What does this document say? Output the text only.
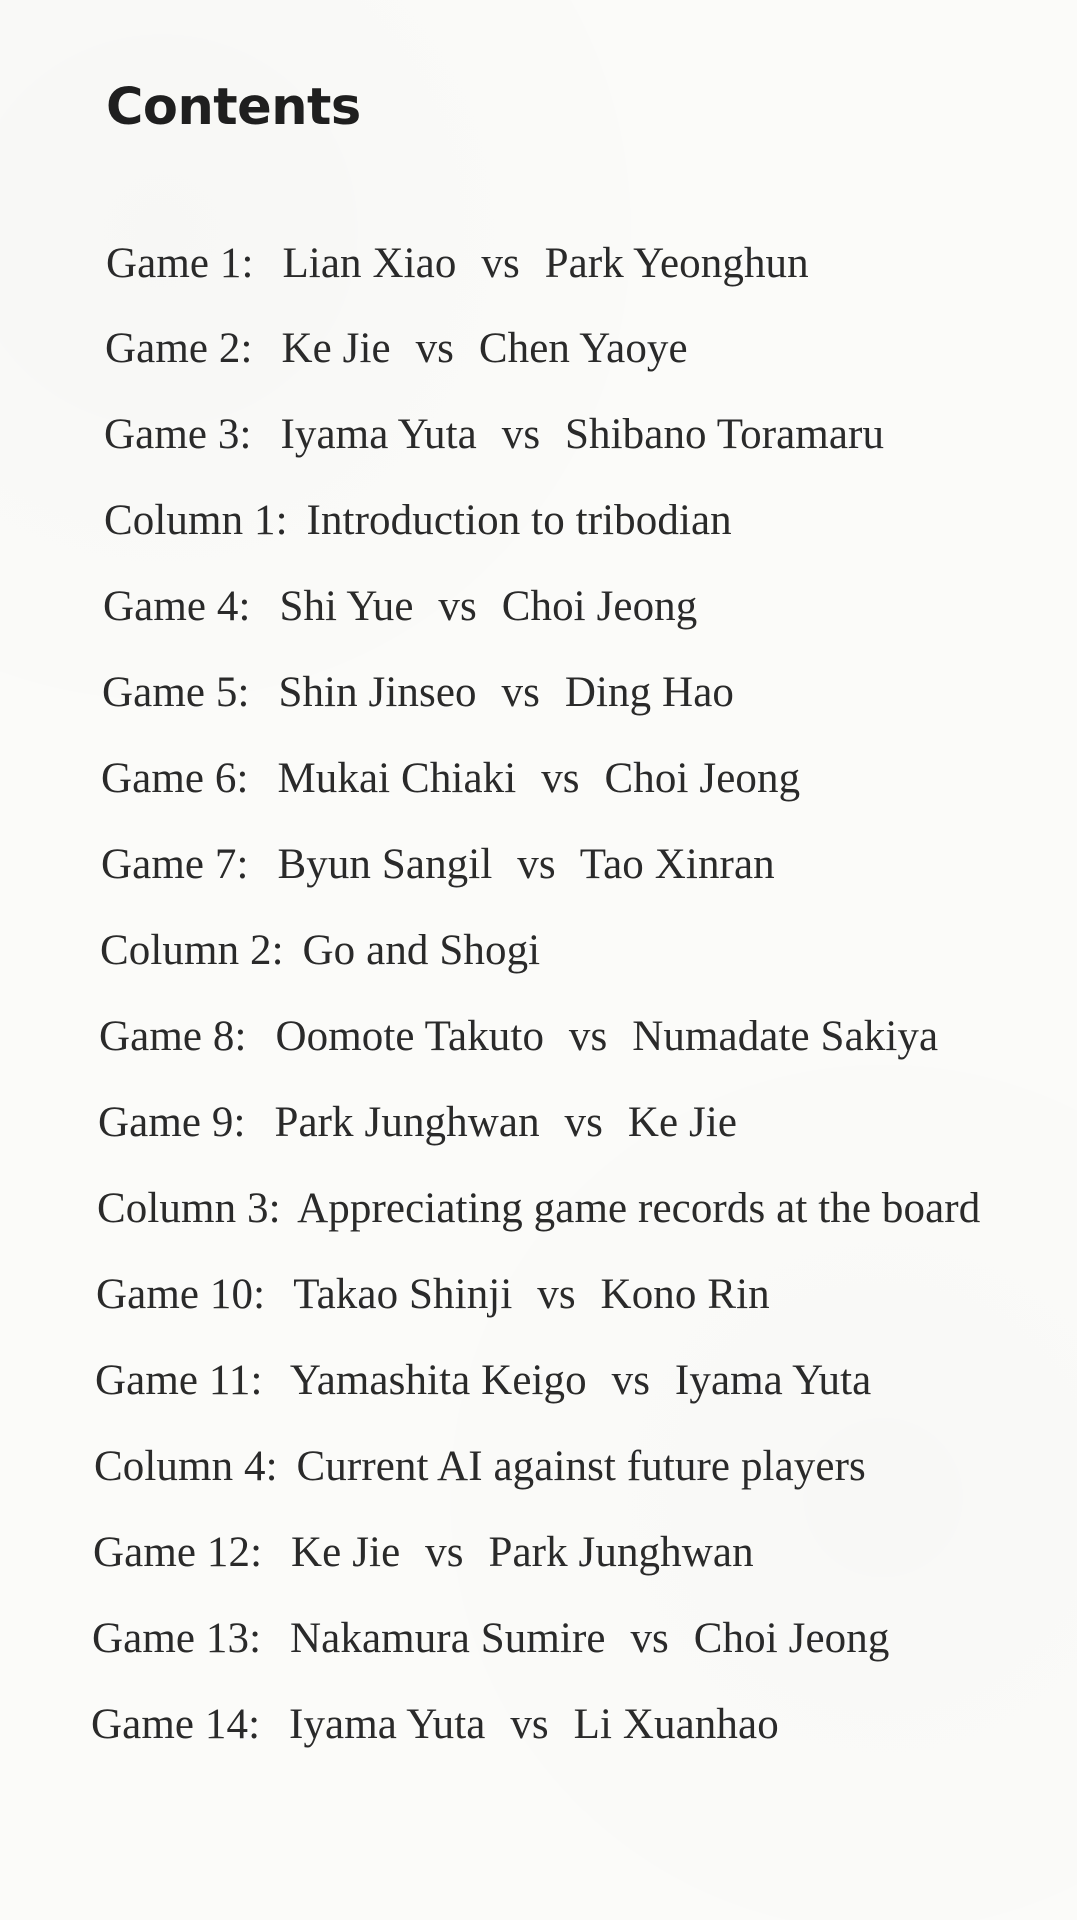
Contents
Game 1: Lian Xiao vs Park Yeonghun
Game 2: Ke Jie vs Chen Yaoye
Game 3: Iyama Yuta vs Shibano Toramaru
Column 1: Introduction to tribodian
Game 4: Shi Yue vs Choi Jeong
Game 5: Shin Jinseo vs Ding Hao
Game 6: Mukai Chiaki vs Choi Jeong
Game 7: Byun Sangil vs Tao Xinran
Column 2: Go and Shogi
Game 8: Oomote Takuto vs Numadate Sakiya
Game 9: Park Junghwan vs Ke Jie
Column 3: Appreciating game records at the board
Game 10: Takao Shinji vs Kono Rin
Game 11: Yamashita Keigo vs Iyama Yuta
Column 4: Current AI against future players
Game 12: Ke Jie vs Park Junghwan
Game 13: Nakamura Sumire vs Choi Jeong
Game 14: Iyama Yuta vs Li Xuanhao
